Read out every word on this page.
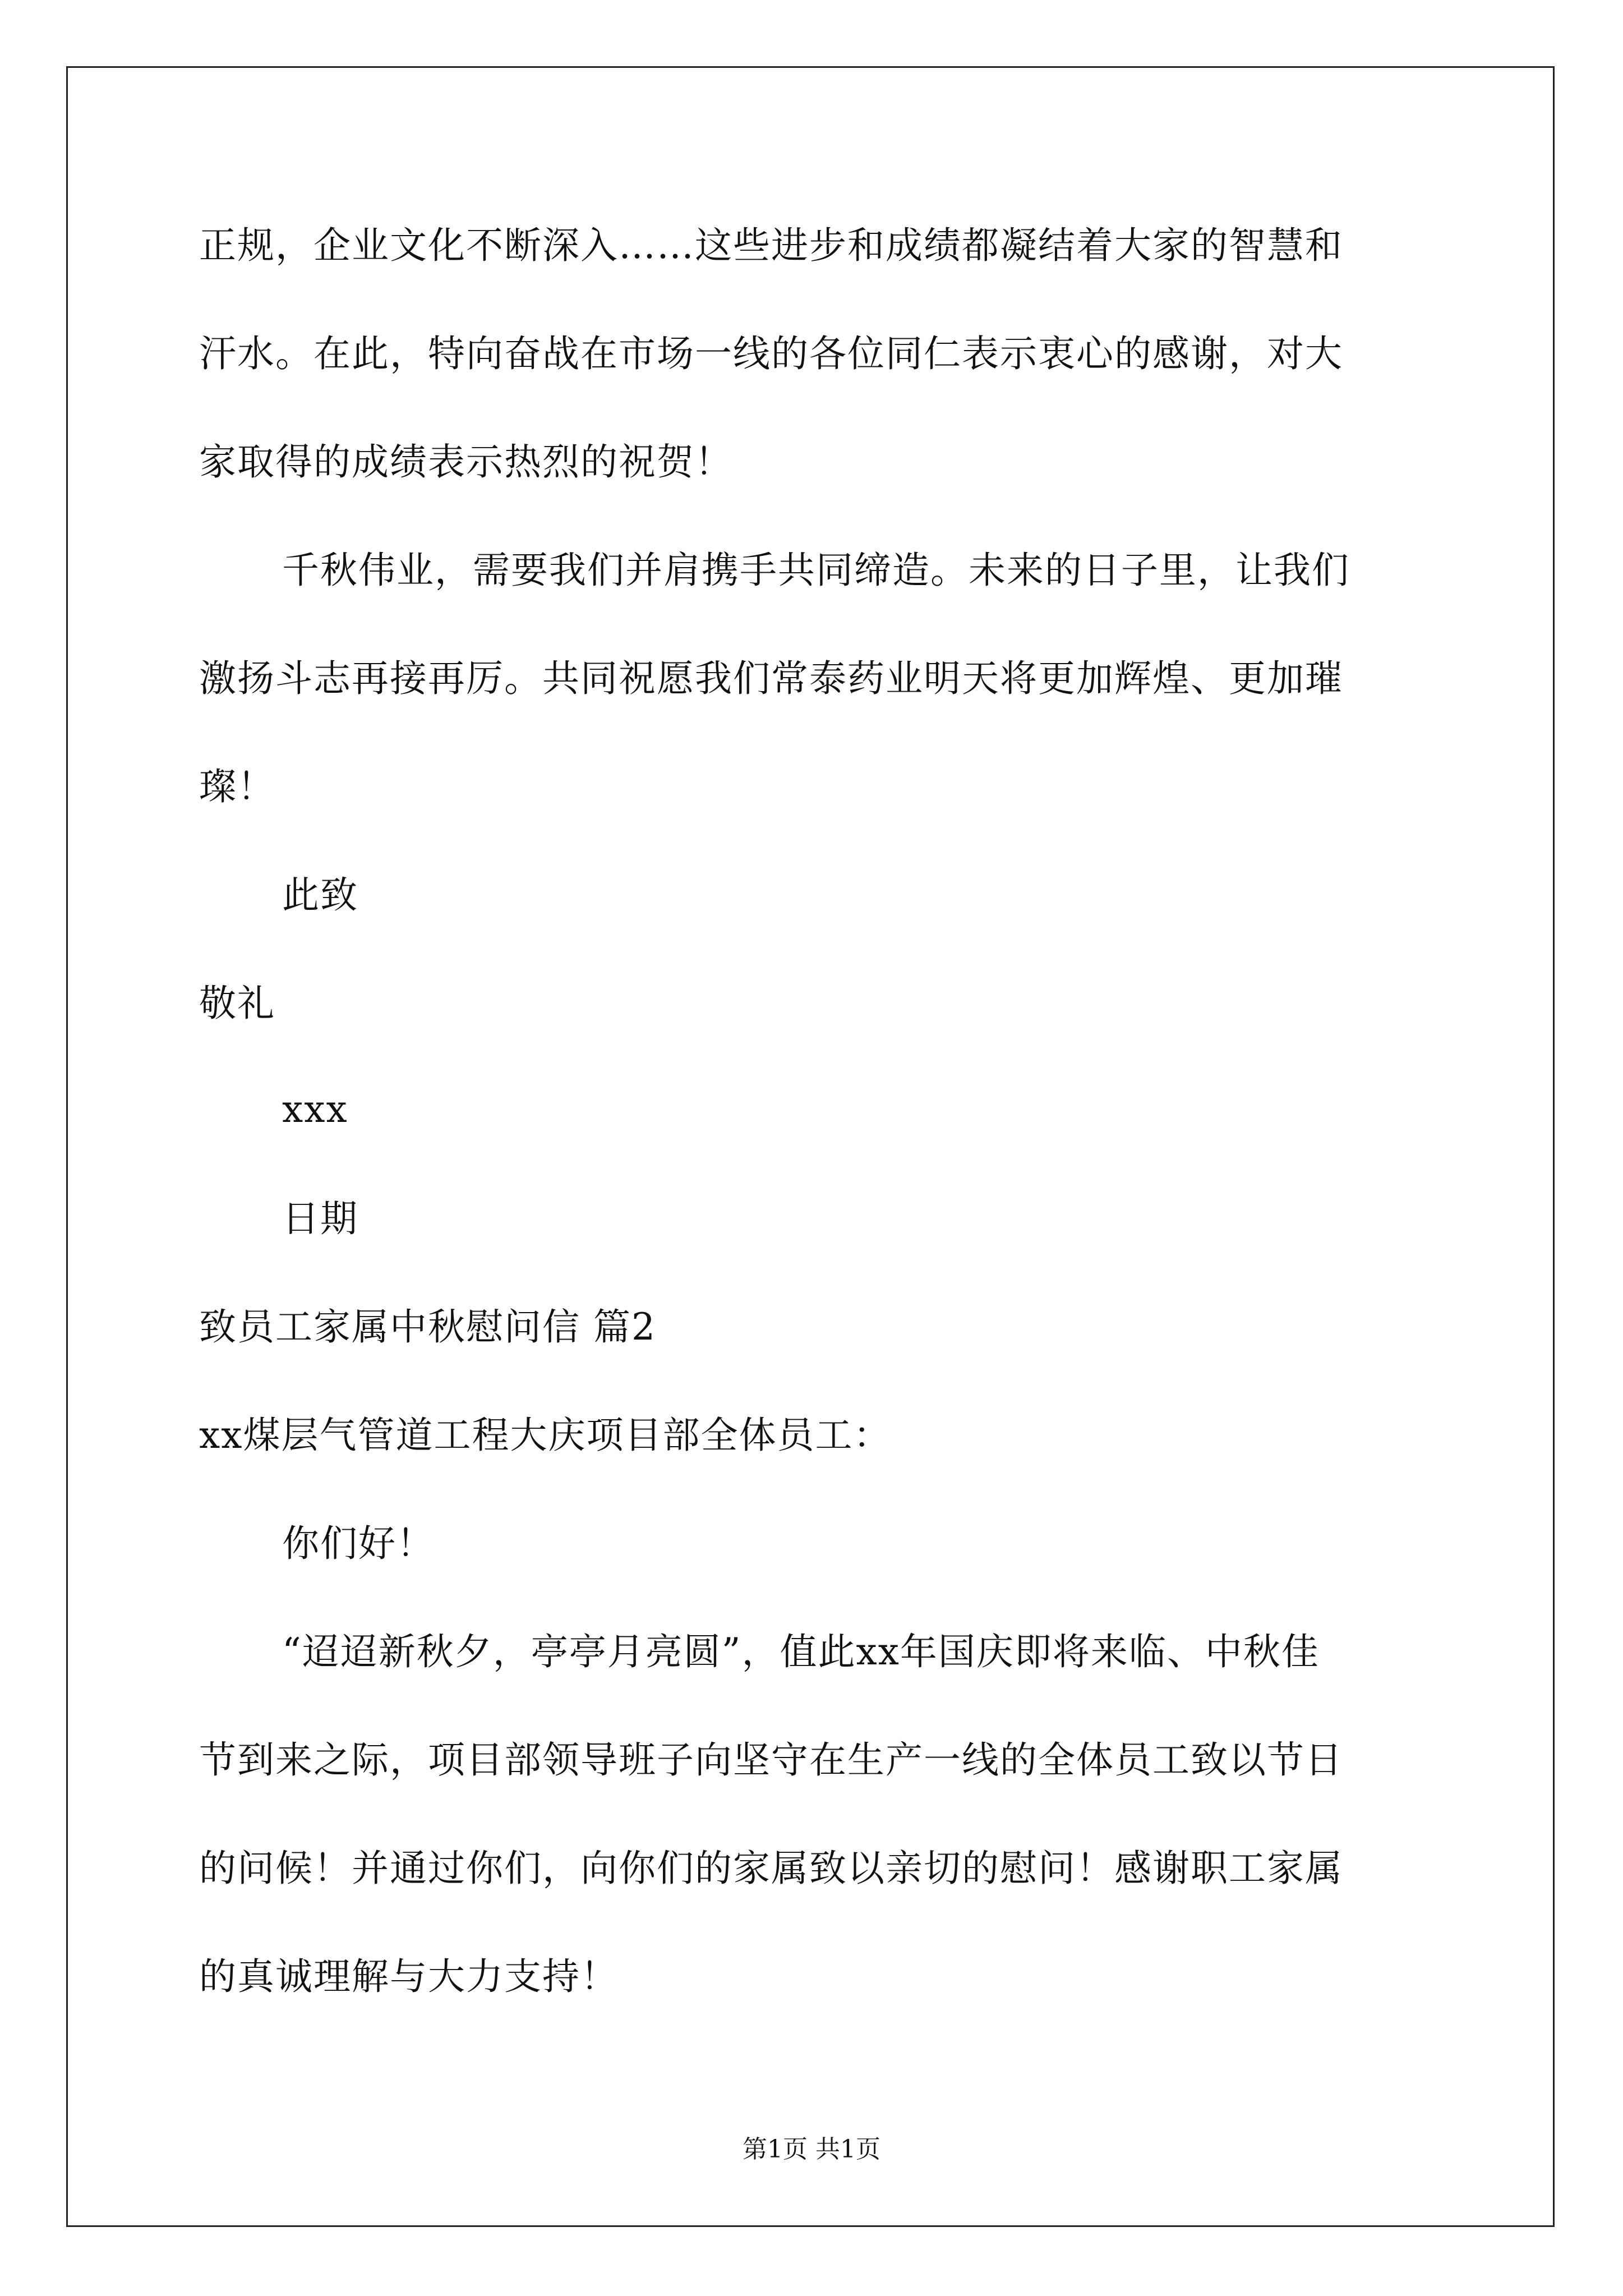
正规，企业文化不断深入……这些进步和成绩都凝结着大家的智慧和
汗水。在此，特向奋战在市场一线的各位同仁表示衷心的感谢，对大
家取得的成绩表示热烈的祝贺！
千秋伟业，需要我们并肩携手共同缔造。未来的日子里，让我们
激扬斗志再接再厉。共同祝愿我们常泰药业明天将更加辉煌、更加璀
璨！
此致
敬礼
xxx
日期
致员工家属中秋慰问信 篇2
xx煤层气管道工程大庆项目部全体员工：
你们好！
“迢迢新秋夕，亭亭月亮圆”，值此xx年国庆即将来临、中秋佳
节到来之际，项目部领导班子向坚守在生产一线的全体员工致以节日
的问候！并通过你们，向你们的家属致以亲切的慰问！感谢职工家属
的真诚理解与大力支持！
第1页 共1页
